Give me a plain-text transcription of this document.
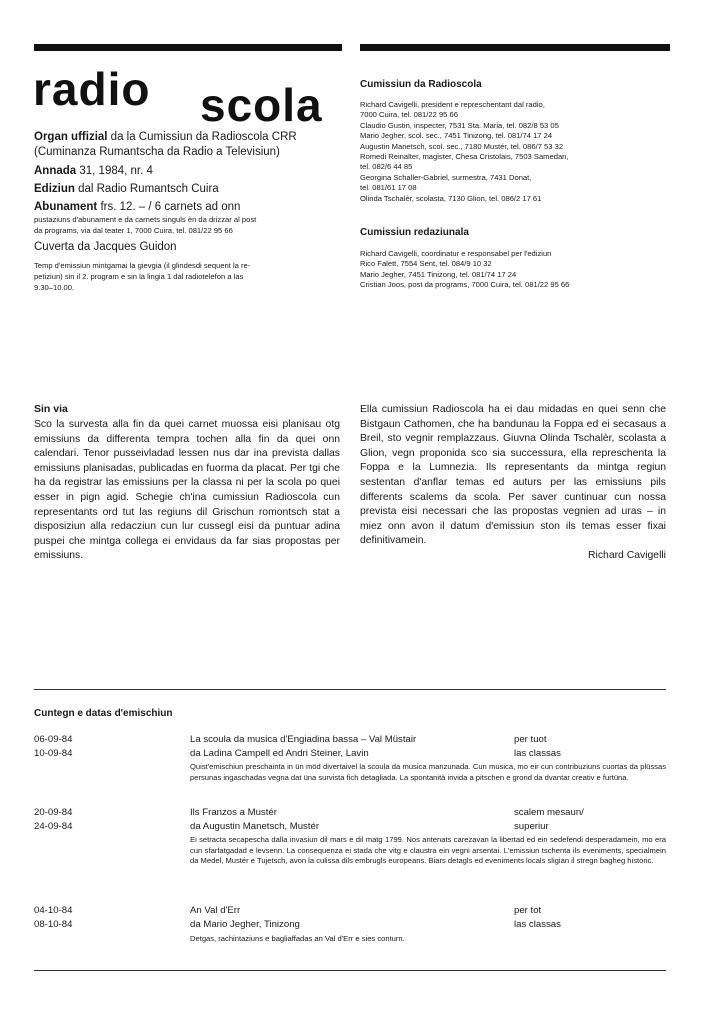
radio scola
Organ uffizial da la Cumissiun da Radioscola CRR
(Cuminanza Rumantscha da Radio a Televisiun)
Annada 31, 1984, nr. 4
Ediziun dal Radio Rumantsch Cuira
Abunament frs. 12. – / 6 carnets ad onn
pustaziuns d'abunament e da carnets singuls èn da drizzar al post
da programs, via dal teater 1, 7000 Cuira, tel. 081/22 95 66
Cuverta da Jacques Guidon
Temp d'emissiun mintgamai la gievgia (il glindesdi sequent la re-
petiziun) sin il 2. program e sin la lingia 1 dal radiotelefon a las
9.30–10.00.
Cumissiun da Radioscola
Richard Cavigelli, president e represchentant dal radio,
7000 Cuira, tel. 081/22 95 66
Claudio Gustin, inspecter, 7531 Sta. Maria, tel. 082/8 53 05
Mario Jegher, scol. sec., 7451 Tinizong, tel. 081/74 17 24
Augustin Manetsch, scol. sec., 7180 Mustér, tel. 086/7 53 32
Romedi Reinalter, magister, Chesa Cristolais, 7503 Samedan,
tel. 082/6 44 85
Georgina Schaller-Gabriel, surmestra, 7431 Donat,
tel. 081/61 17 08
Olinda Tschalèr, scolasta, 7130 Glion, tel. 086/2 17 61
Cumissiun redaziunala
Richard Cavigelli, coordinatur e responsabel per l'ediziun
Rico Falett, 7554 Sent, tel. 084/9 10 32
Mario Jegher, 7451 Tinizong, tel. 081/74 17 24
Cristian Joos, post da programs, 7000 Cuira, tel. 081/22 95 66
Sin via

Sco la survesta alla fin da quei carnet muossa eisi planisau otg emissiuns da differenta tempra tochen alla fin da quei onn calendari. Tenor pusseivladad lessen nus dar ina prevista dallas emissiuns planisadas, publicadas en fuorma da placat. Per tgi che ha da registrar las emissiuns per la classa ni per la scola po quei esser in pign agid. Schegie ch'ina cumissiun Radioscola cun representants ord tut las regiuns dil Grischun romontsch stat a disposiziun alla redacziun cun lur cussegl eisi da puntuar adina puspei che mintga collega ei envidaus da far sias propostas per emissiuns.

Ella cumissiun Radioscola ha ei dau midadas en quei senn che Bistgaun Cathomen, che ha bandunau la Foppa ed ei secasaus a Breil, sto vegnir remplazzaus. Giuvna Olinda Tschalèr, scolasta a Glion, vegn proponida sco sia successura, ella represchenta la Foppa e la Lumnezia. Ils representants da mintga regiun sestentan d'anflar temas ed auturs per las emissiuns pils differents scalems da scola. Per saver cuntinuar cun nossa prevista eisi necessari che las propostas vegnien ad uras – in miez onn avon il datum d'emissiun ston ils temas esser fixai definitivamein.

Richard Cavigelli

Cuntegn e datas d'emischiun
06-09-84
10-09-84
La scoula da musica d'Engiadina bassa – Val Müstair
da Ladina Campell ed Andri Steiner, Lavin
per tuot
las classas
Quist'emischiun preschainta in ün möd divertaivel la scoula da musica manzunada. Cun musica, mo eir cun contribuziuns cuortas da plüssas persunas ingaschadas vegna dat üna survista fich detagliada. La spontanità invida a pitschen e grond da dvantar creativ e furtüna.
20-09-84
24-09-84
Ils Franzos a Mustér
da Augustin Manetsch, Mustér
scalem mesaun/
superiur
Ei setracta secapescha dalla invasiun dil mars e dil matg 1799. Nos antenats carezavan la libertad ed ein sedefendi desperadamein, mo era cun sfarfatgadad e levsenn. La consequenza ei stada che vitg e claustra ein vegni arsentai. L'emissiun tschenta ils eveniments, specialmein da Medel, Mustér e Tujetsch, avon la culissa dils embrugls europeans. Biars detagls ed eveniments locals sligian il stregn bagheg historic.
04-10-84
08-10-84
An Val d'Err
da Mario Jegher, Tinizong
per tot
las classas
Detgas, rachintaziuns e bagliaffadas an Val d'Err e sies conturn.
